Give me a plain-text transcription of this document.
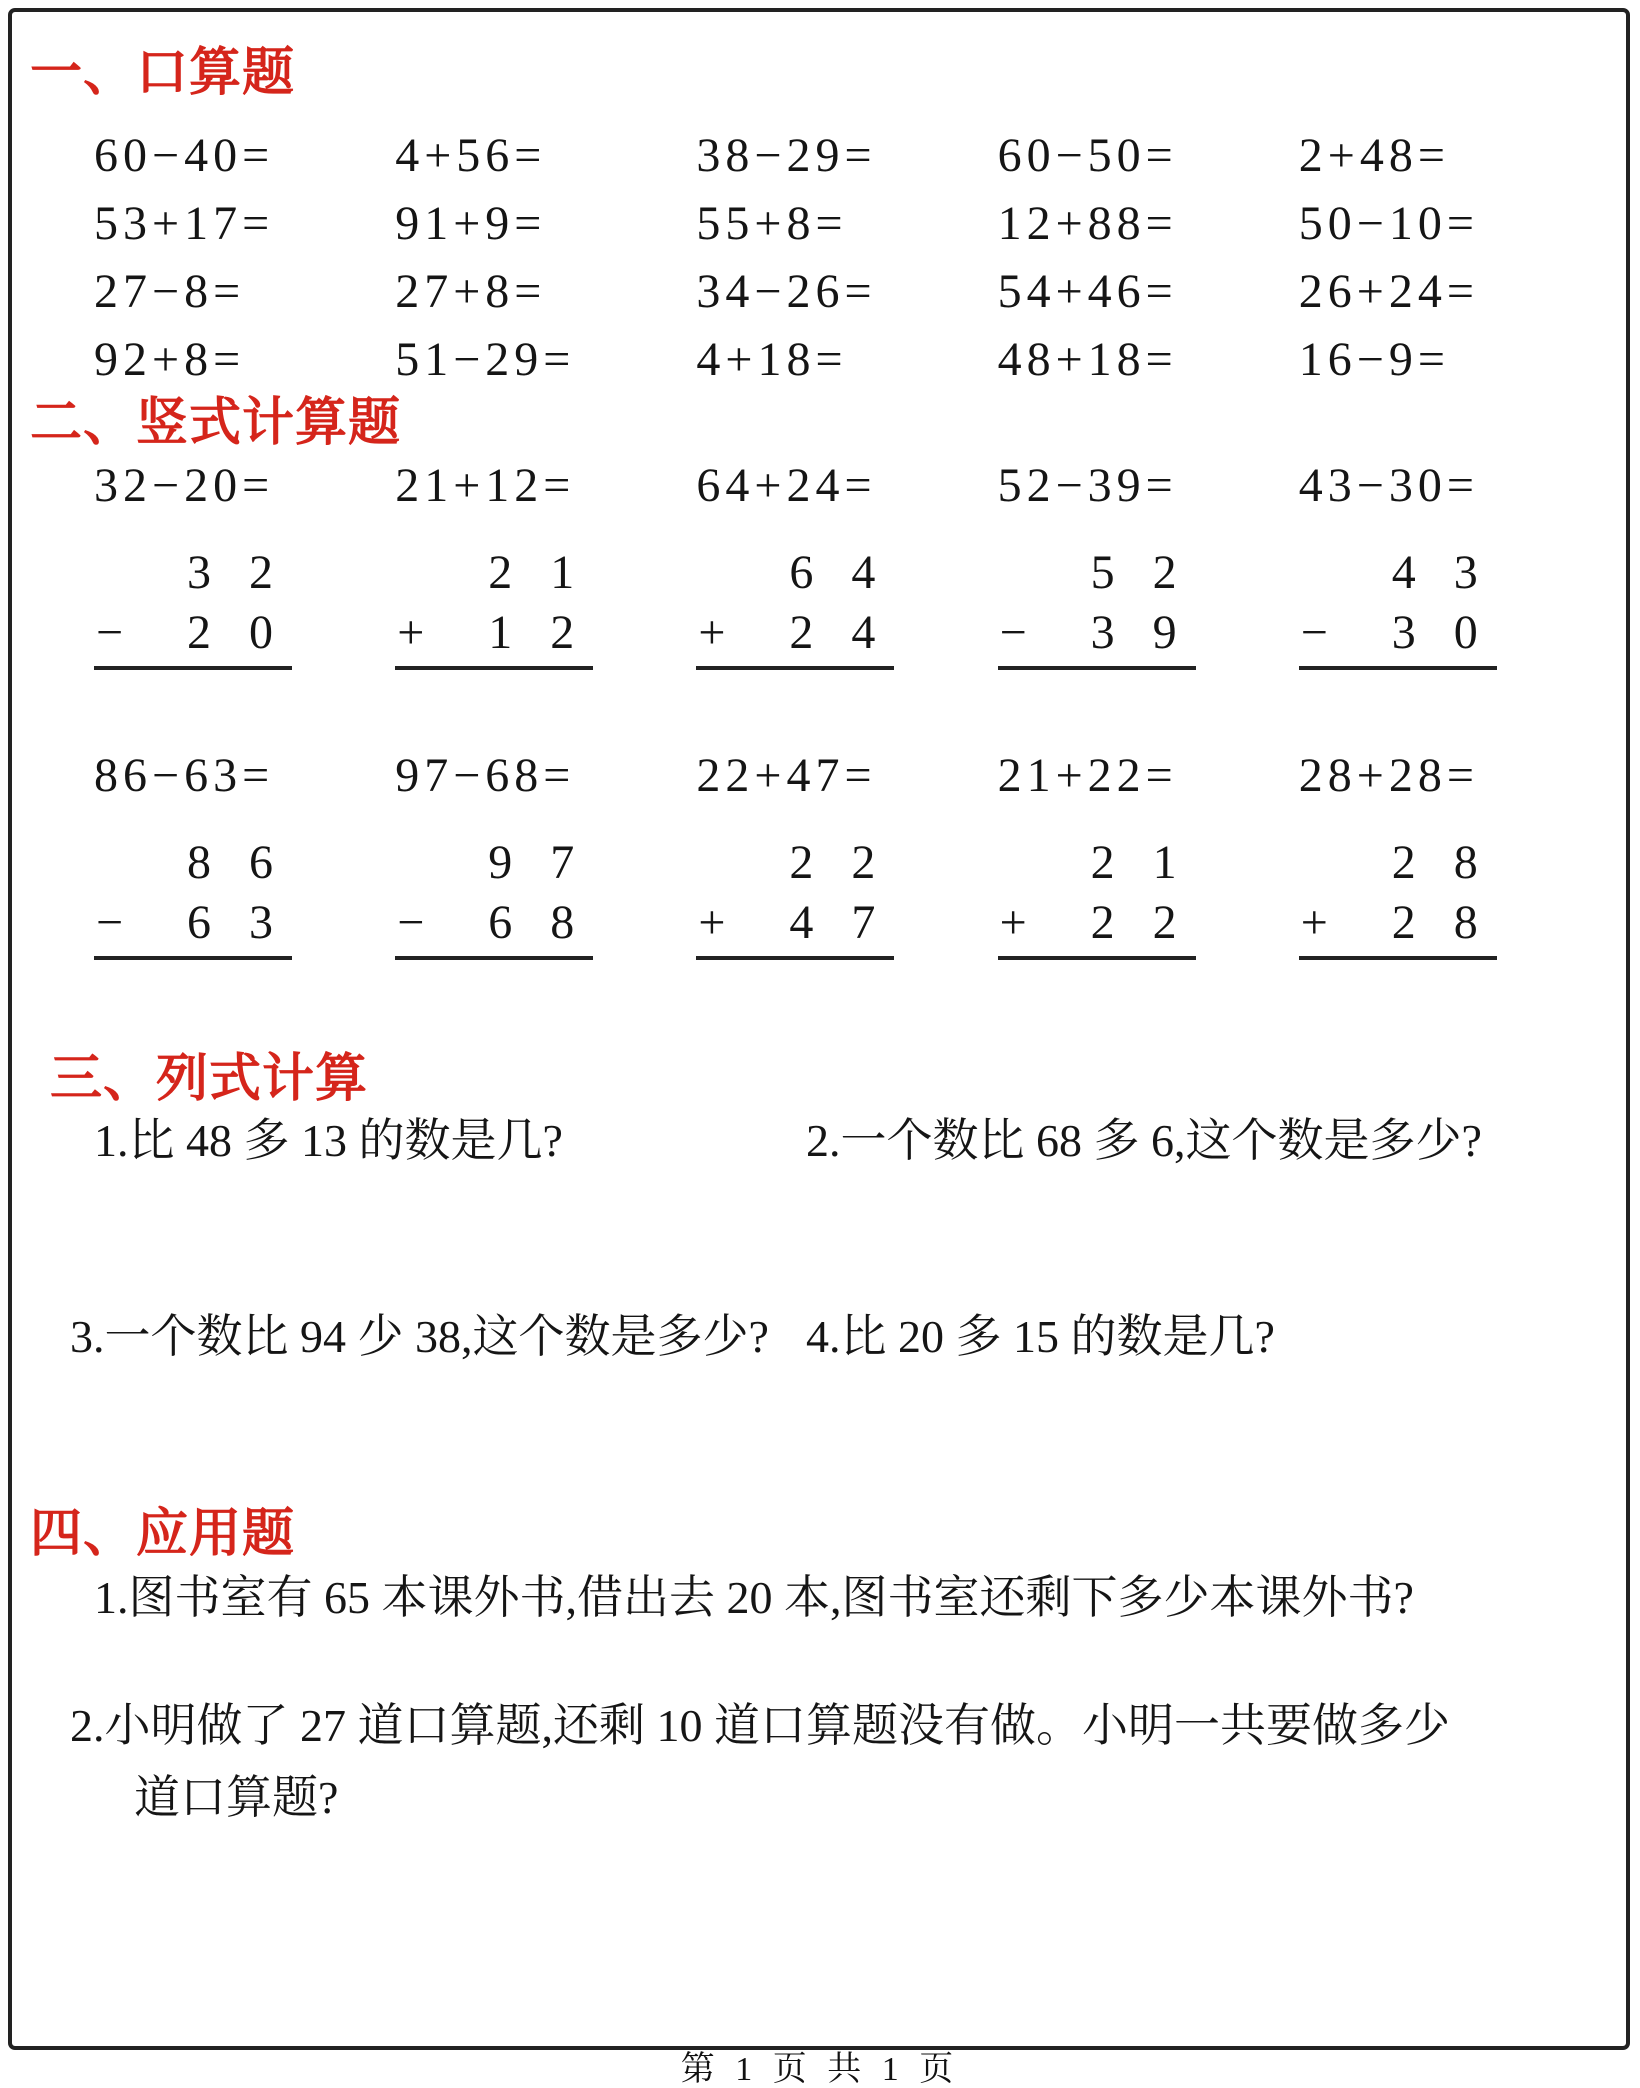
一、口算题
60−40=	4+56=	38−29=	60−50=	2+48=
53+17=	91+9=	55+8=	12+88=	50−10=
27−8=	27+8=	34−26=	54+46=	26+24=
92+8=	51−29=	4+18=	48+18=	16−9=
二、竖式计算题
32−20=
3 2
−	2 0
21+12=
2 1
+	1 2
64+24=
6 4
+	2 4
52−39=
5 2
−	3 9
43−30=
4 3
−	3 0
86−63=
8 6
−	6 3
97−68=
9 7
−	6 8
22+47=
2 2
+	4 7
21+22=
2 1
+	2 2
28+28=
2 8
+	2 8
三、列式计算
1.比 48 多 13 的数是几?	2.一个数比 68 多 6,这个数是多少?
3.一个数比 94 少 38,这个数是多少? 4.比 20 多 15 的数是几?
四、应用题
1.图书室有 65 本课外书,借出去 20 本,图书室还剩下多少本课外书?
2.小明做了 27 道口算题,还剩 10 道口算题没有做。小明一共要做多少
道口算题?
第 1 页 共 1 页
